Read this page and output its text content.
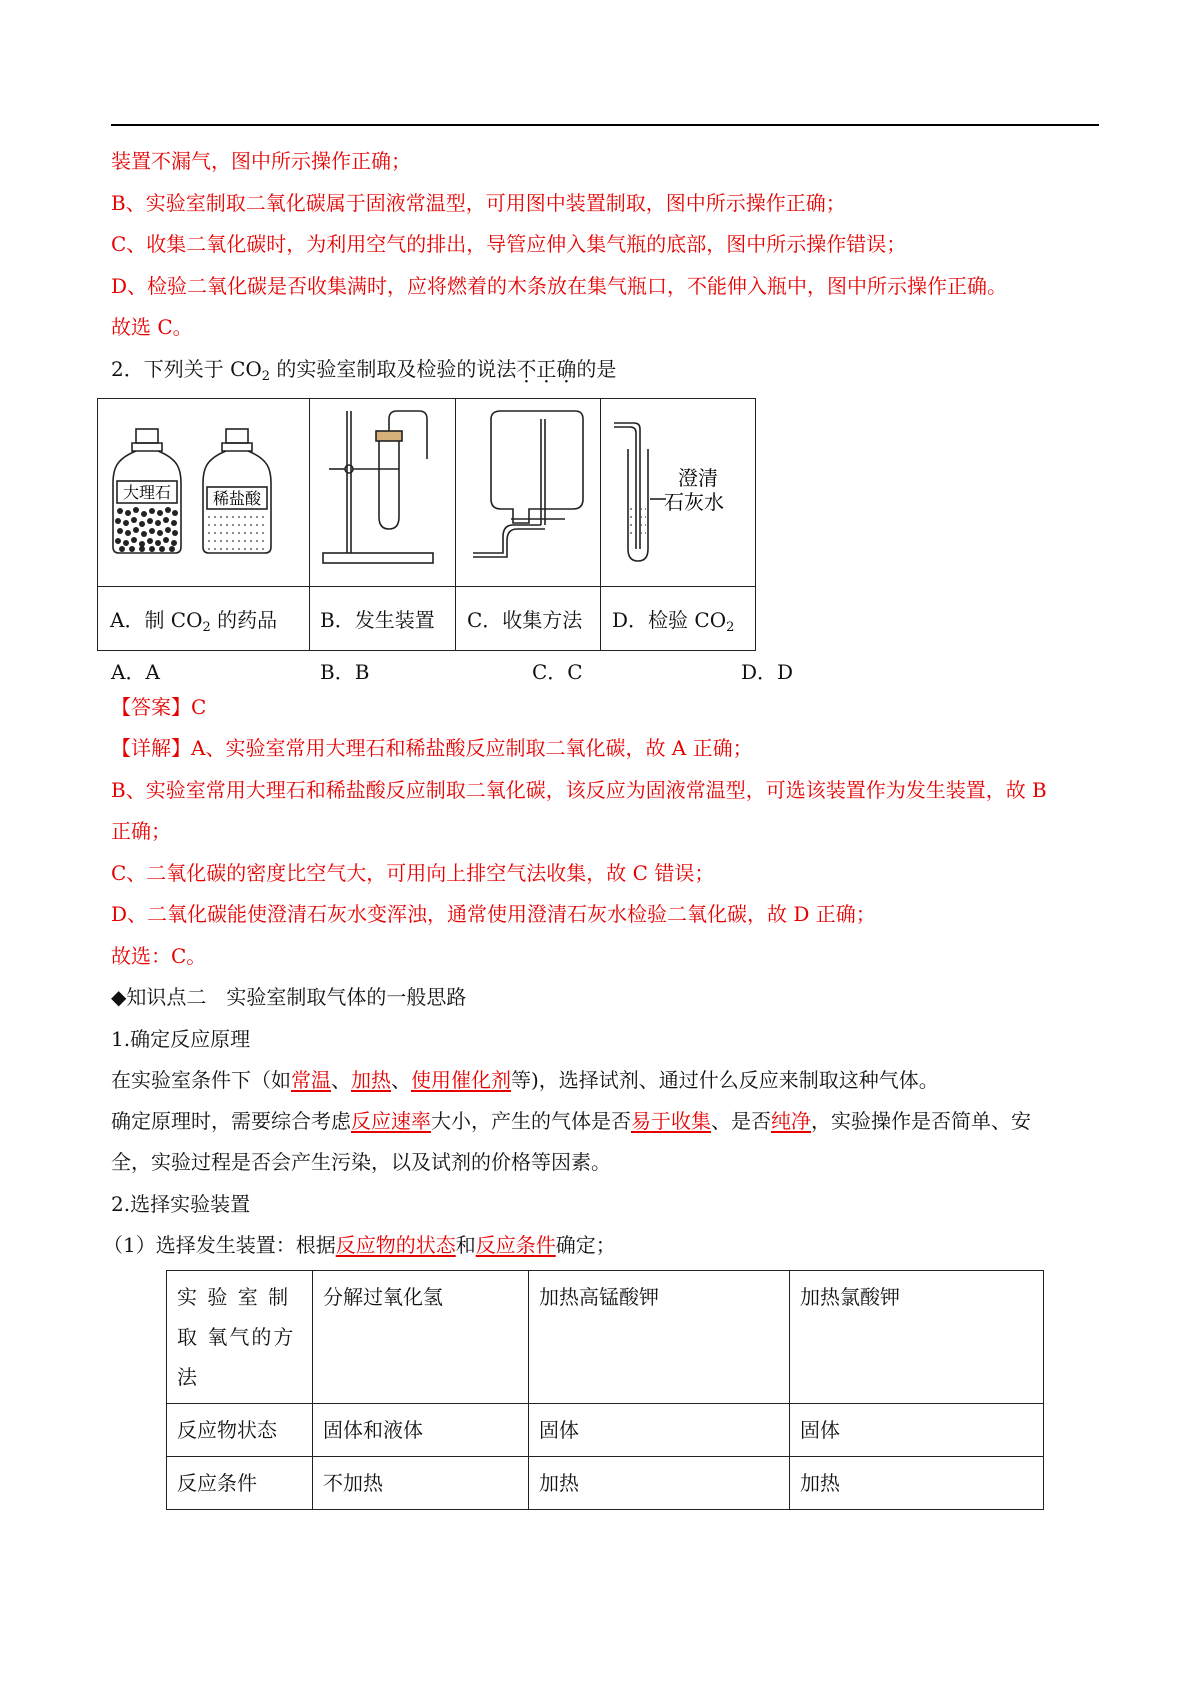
装置不漏气，图中所示操作正确；
B、实验室制取二氧化碳属于固液常温型，可用图中装置制取，图中所示操作正确；
C、收集二氧化碳时，为利用空气的排出，导管应伸入集气瓶的底部，图中所示操作错误；
D、检验二氧化碳是否收集满时，应将燃着的木条放在集气瓶口，不能伸入瓶中，图中所示操作正确。
故选 C。
2．下列关于 $CO_2$ 的实验室制取及检验的说法不正确的是
大理石	稀盐酸
澄清
石灰水
A．制 $CO_2$ 的药品 B．发生装置 C．收集方法 D．检验 $CO_2$
A．A	B．B	C．C	D．D
【答案】C
【详解】A、实验室常用大理石和稀盐酸反应制取二氧化碳，故 A 正确；
B、实验室常用大理石和稀盐酸反应制取二氧化碳，该反应为固液常温型，可选该装置作为发生装置，故 B
正确；
C、二氧化碳的密度比空气大，可用向上排空气法收集，故 C 错误；
D、二氧化碳能使澄清石灰水变浑浊，通常使用澄清石灰水检验二氧化碳，故 D 正确；
故选：C。
◆知识点二　实验室制取气体的一般思路
1.确定反应原理
在实验室条件下（如常温、加热、使用催化剂等)，选择试剂、通过什么反应来制取这种气体。
确定原理时，需要综合考虑反应速率大小，产生的气体是否易于收集、是否纯净，实验操作是否简单、安
全，实验过程是否会产生污染，以及试剂的价格等因素。
2.选择实验装置
（1）选择发生装置：根据反应物的状态和反应条件确定；
实 验 室 制 取 氧气的方法	分解过氧化氢	加热高锰酸钾	加热氯酸钾
反应物状态	固体和液体	固体	固体
反应条件	不加热	加热	加热
